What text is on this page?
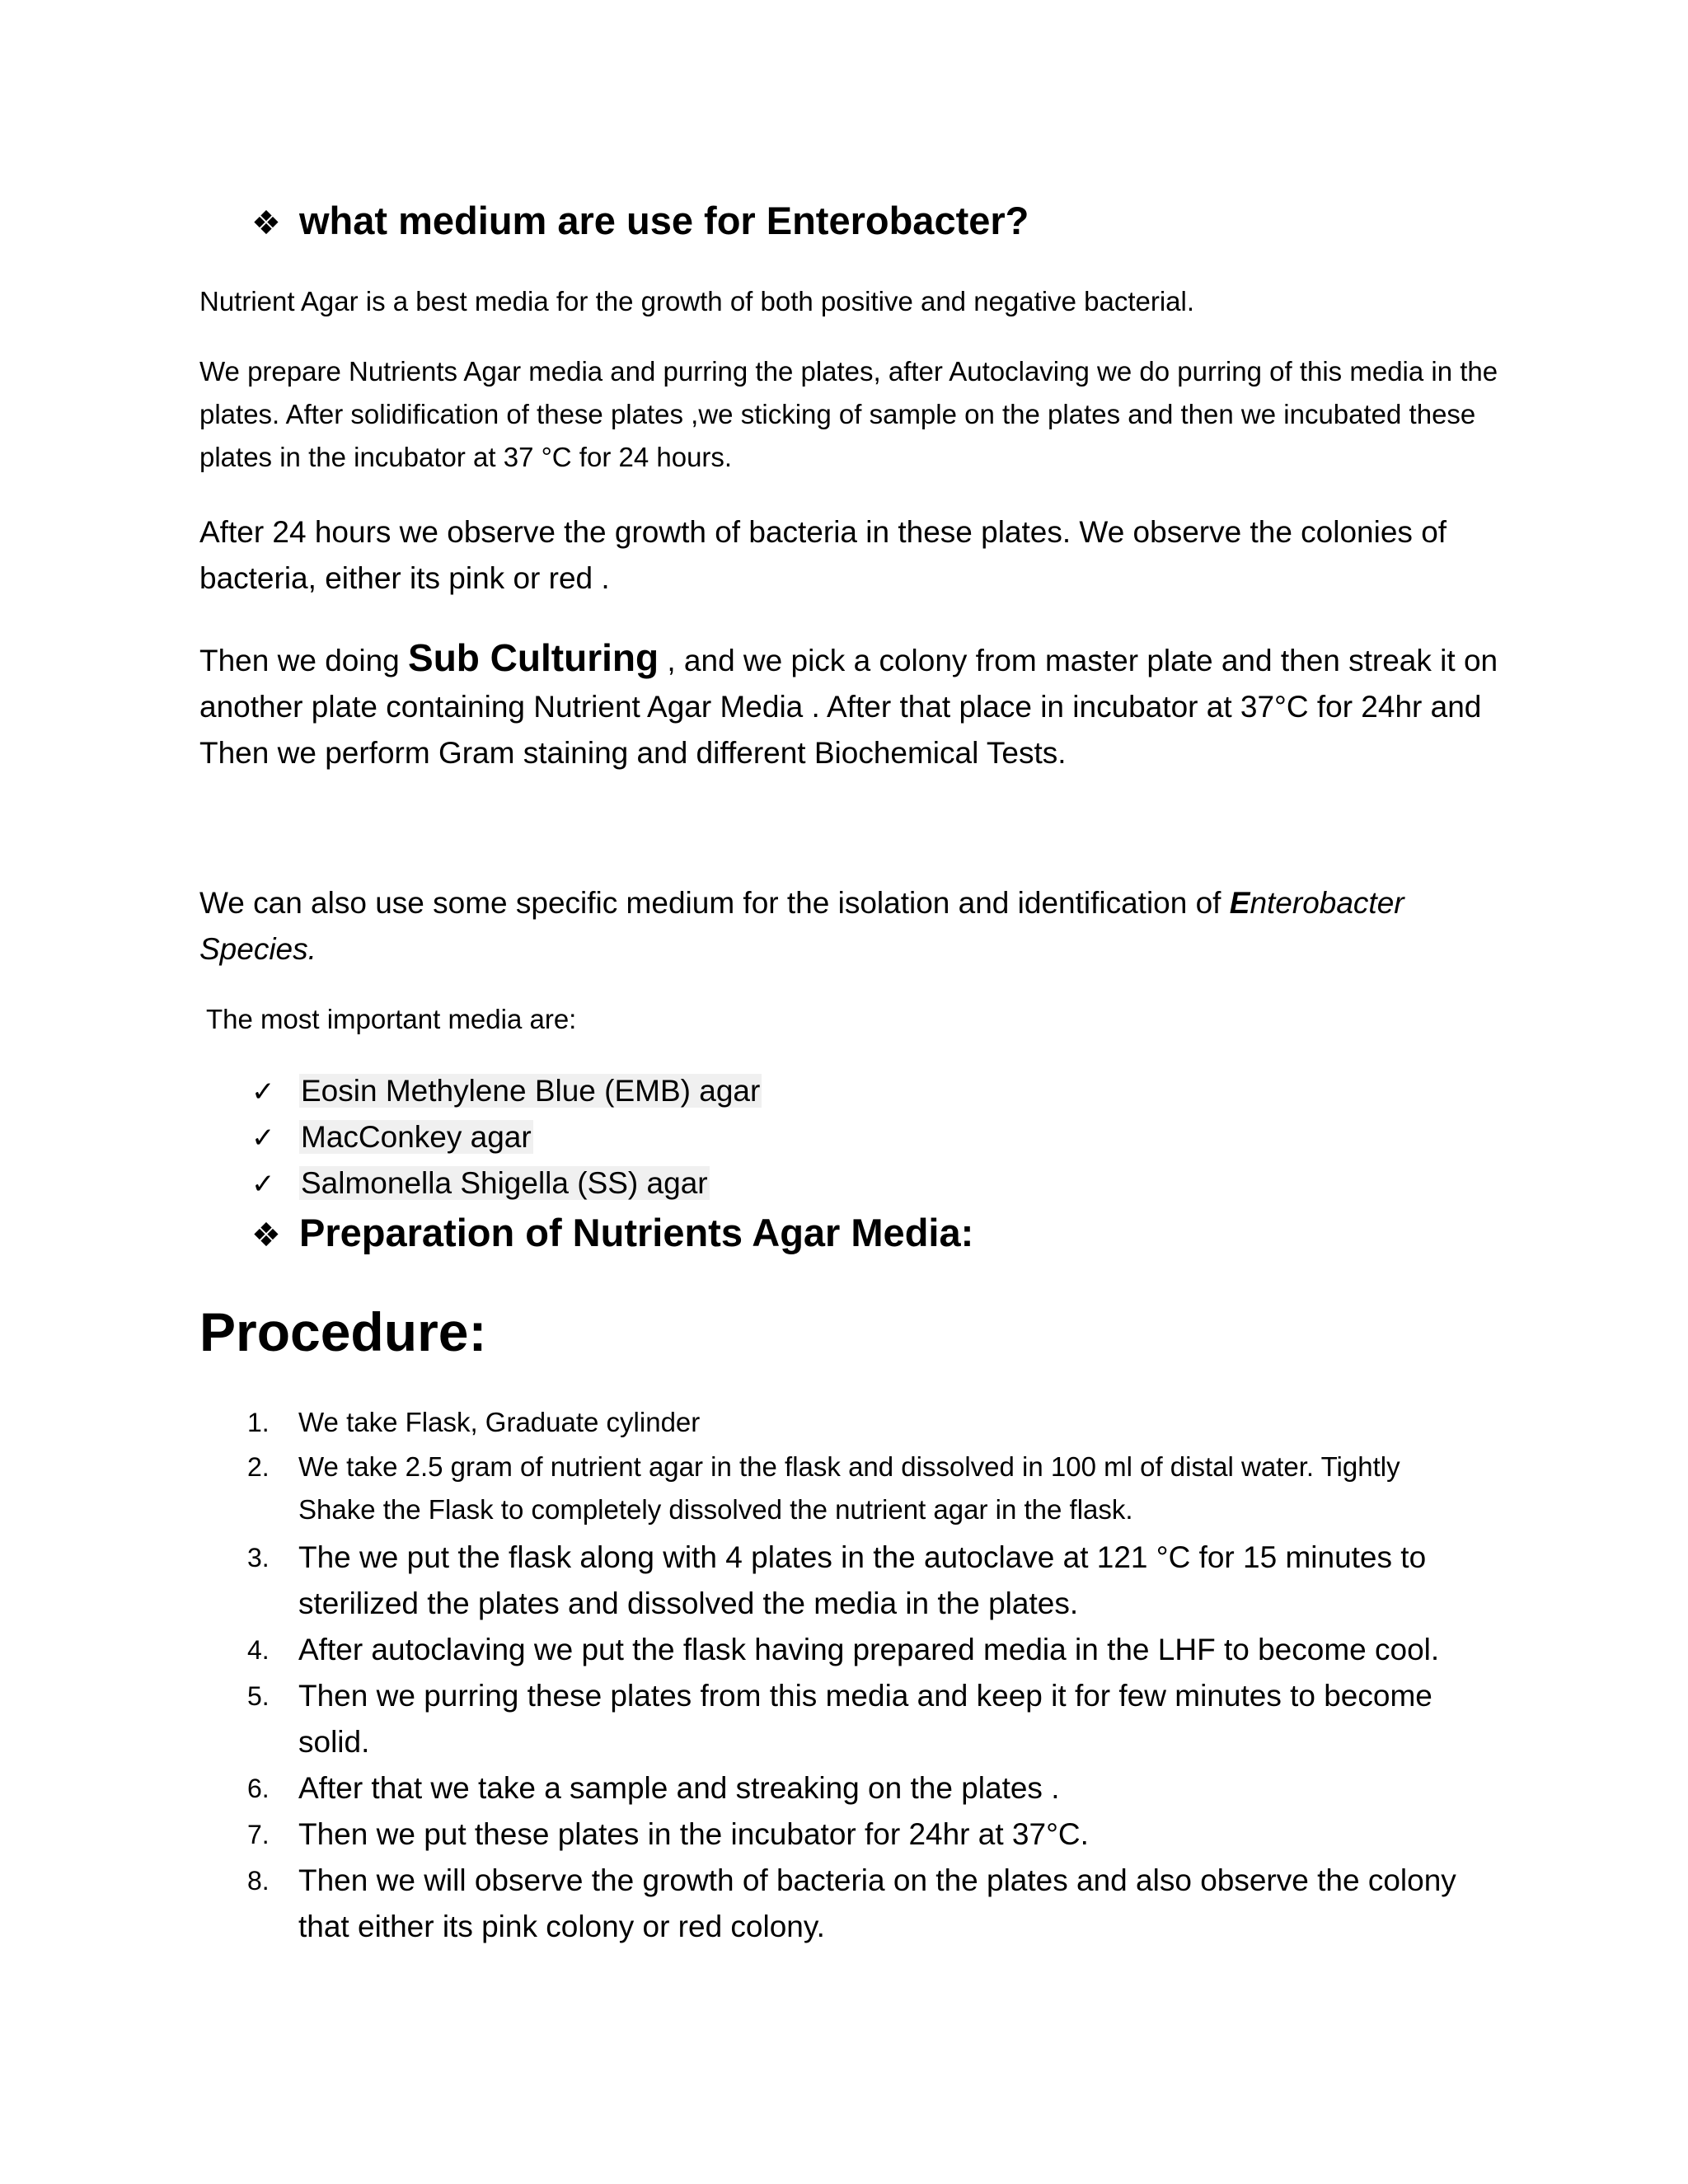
❖ what medium are use for Enterobacter?
Nutrient Agar is a best media for the growth of both positive and negative bacterial.
We prepare Nutrients Agar media and purring the plates, after Autoclaving we do purring of this media in the plates. After solidification of these plates ,we sticking of sample on the plates and then we incubated these plates in the incubator at 37 °C for 24 hours.
After 24 hours we observe the growth of bacteria in these plates. We observe the colonies of bacteria, either its pink or red .
Then we doing Sub Culturing , and we pick a colony from master plate and then streak it on another plate containing Nutrient Agar Media . After that place in incubator at 37°C for 24hr and Then we perform Gram staining and different Biochemical Tests.
We can also use some specific medium for the isolation and identification of Enterobacter Species.
The most important media are:
✓ Eosin Methylene Blue (EMB) agar
✓ MacConkey agar
✓ Salmonella Shigella (SS) agar
❖ Preparation of Nutrients Agar Media:
Procedure:
1. We take Flask, Graduate cylinder
2. We take 2.5 gram of nutrient agar in the flask and dissolved in 100 ml of distal water. Tightly Shake the Flask to completely dissolved the nutrient agar in the flask.
3. The we put the flask along with 4 plates in the autoclave at 121 °C for 15 minutes to sterilized the plates and dissolved the media in the plates.
4. After autoclaving we put the flask having prepared media in the LHF to become cool.
5. Then we purring these plates from this media and keep it for few minutes to become solid.
6. After that we take a sample and streaking on the plates .
7. Then we put these plates in the incubator for 24hr at 37°C.
8. Then we will observe the growth of bacteria on the plates and also observe the colony that either its pink colony or red colony.
